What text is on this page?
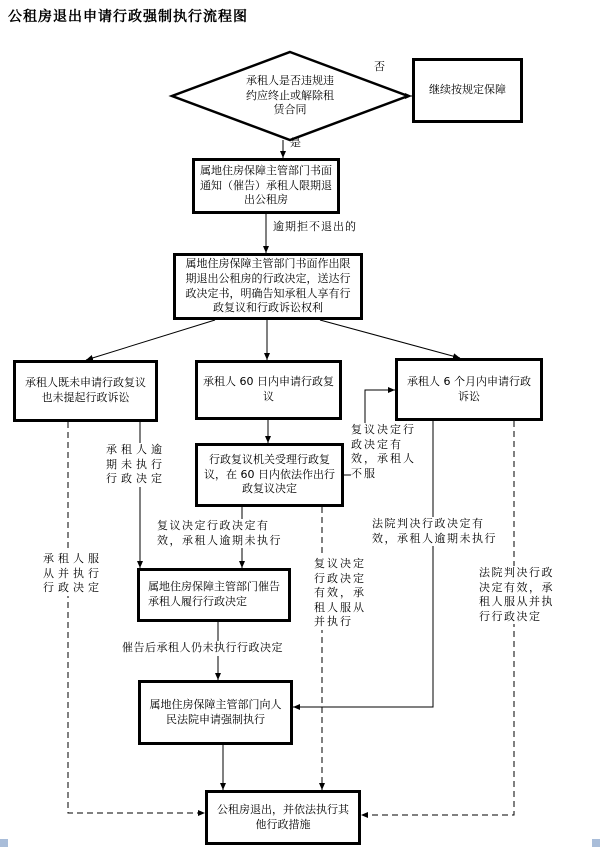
公租房退出申请行政强制执行流程图
承租人是否违规违约应终止或解除租赁合同
否
是
继续按规定保障
属地住房保障主管部门书面通知（催告）承租人限期退出公租房
属地住房保障主管部门书面作出限期退出公租房的行政决定，送达行政决定书，明确告知承租人享有行政复议和行政诉讼权利
承租人既未申请行政复议也未提起行政诉讼
承租人 60 日内申请行政复议
承租人 6 个月内申请行政诉讼
行政复议机关受理行政复议，在 60 日内依法作出行政复议决定
属地住房保障主管部门催告承租人履行行政决定
属地住房保障主管部门向人民法院申请强制执行
公租房退出，并依法执行其他行政措施
逾期拒不退出的
承租人逾期未执行行政决定
复议决定行政决定有效，承租人不服
复议决定行政决定有效，承租人逾期未执行
法院判决行政决定有效，承租人逾期未执行
承租人服从并执行行政决定
复议决定行政决定有效，承租人服从并执行
法院判决行政决定有效，承租人服从并执行行政决定
催告后承租人仍未执行行政决定
